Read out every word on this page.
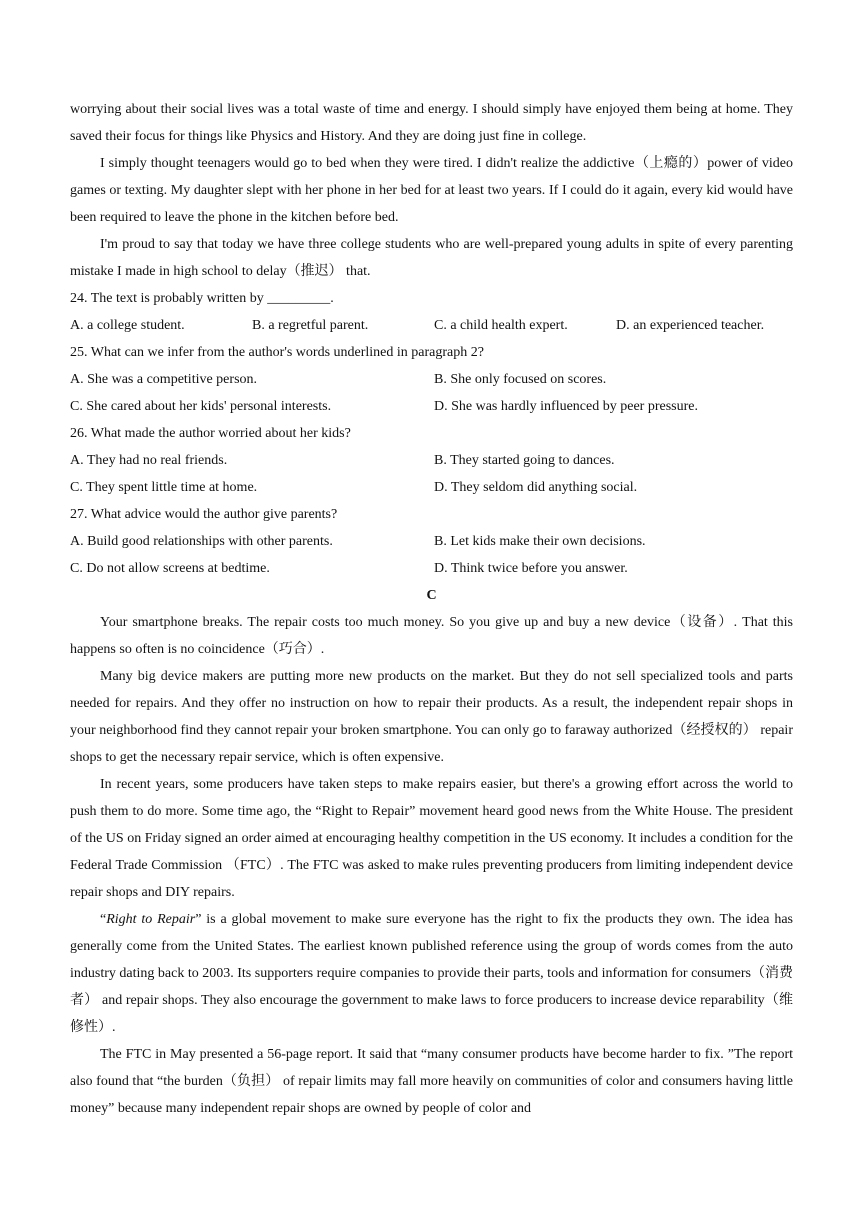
worrying about their social lives was a total waste of time and energy. I should simply have enjoyed them being at home. They saved their focus for things like Physics and History. And they are doing just fine in college.

I simply thought teenagers would go to bed when they were tired. I didn't realize the addictive（上瘾的）power of video games or texting. My daughter slept with her phone in her bed for at least two years. If I could do it again, every kid would have been required to leave the phone in the kitchen before bed.

I'm proud to say that today we have three college students who are well-prepared young adults in spite of every parenting mistake I made in high school to delay（推迟） that.

24. The text is probably written by _________.

A. a college student.	B. a regretful parent.	C. a child health expert.	D. an experienced teacher.

25. What can we infer from the author's words underlined in paragraph 2?

A. She was a competitive person.	B. She only focused on scores.
C. She cared about her kids' personal interests.	D. She was hardly influenced by peer pressure.

26. What made the author worried about her kids?

A. They had no real friends.	B. They started going to dances.
C. They spent little time at home.	D. They seldom did anything social.

27. What advice would the author give parents?

A. Build good relationships with other parents.	B. Let kids make their own decisions.
C. Do not allow screens at bedtime.	D. Think twice before you answer.

C

Your smartphone breaks. The repair costs too much money. So you give up and buy a new device（设备）. That this happens so often is no coincidence（巧合）.

Many big device makers are putting more new products on the market. But they do not sell specialized tools and parts needed for repairs. And they offer no instruction on how to repair their products. As a result, the independent repair shops in your neighborhood find they cannot repair your broken smartphone. You can only go to faraway authorized（经授权的） repair shops to get the necessary repair service, which is often expensive.

In recent years, some producers have taken steps to make repairs easier, but there's a growing effort across the world to push them to do more. Some time ago, the “Right to Repair” movement heard good news from the White House. The president of the US on Friday signed an order aimed at encouraging healthy competition in the US economy. It includes a condition for the Federal Trade Commission （FTC）. The FTC was asked to make rules preventing producers from limiting independent device repair shops and DIY repairs.

“Right to Repair” is a global movement to make sure everyone has the right to fix the products they own. The idea has generally come from the United States. The earliest known published reference using the group of words comes from the auto industry dating back to 2003. Its supporters require companies to provide their parts, tools and information for consumers（消费者） and repair shops. They also encourage the government to make laws to force producers to increase device reparability（维修性）.

The FTC in May presented a 56-page report. It said that “many consumer products have become harder to fix. ”The report also found that “the burden（负担） of repair limits may fall more heavily on communities of color and consumers having little money” because many independent repair shops are owned by people of color and
